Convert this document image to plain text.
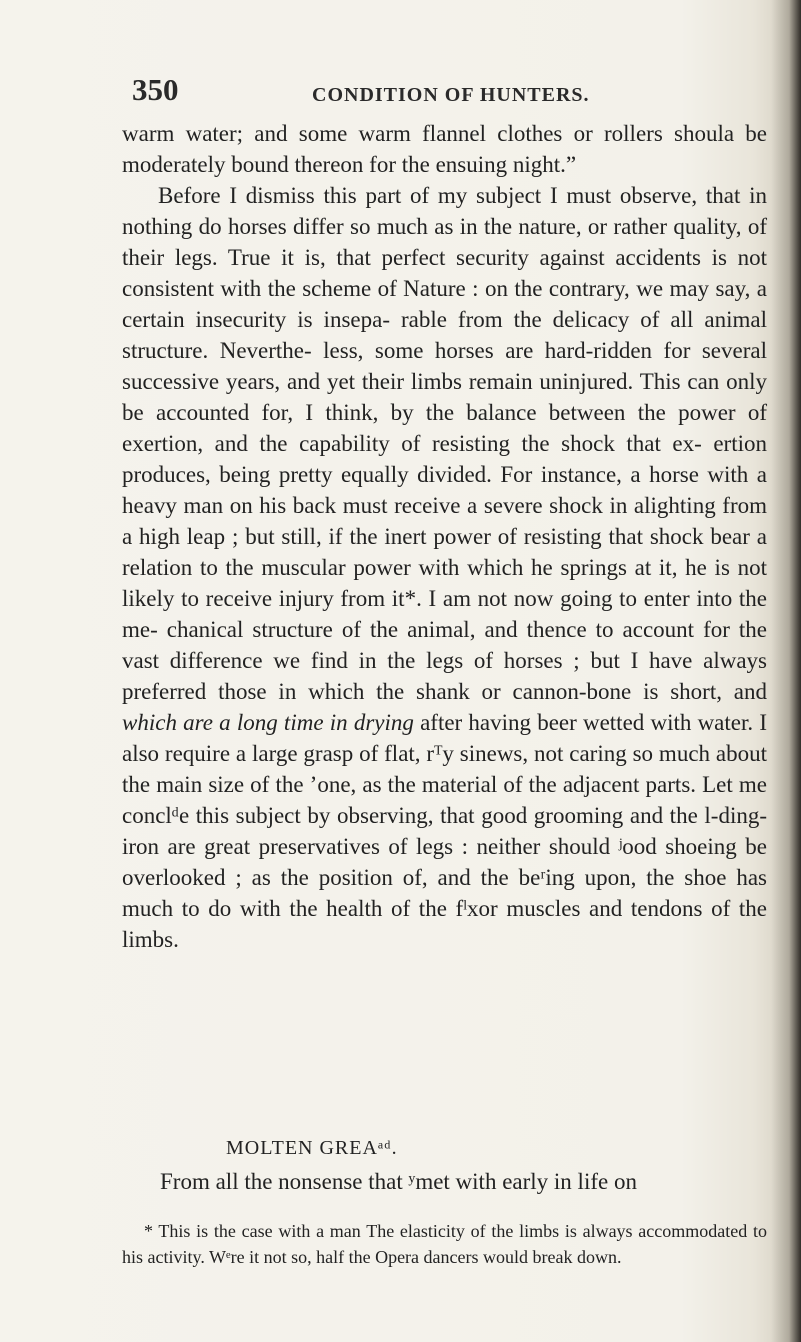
350	CONDITION OF HUNTERS.

warm water; and some warm flannel clothes or rollers shoula be moderately bound thereon for the ensuing night.”

Before I dismiss this part of my subject I must observe, that in nothing do horses differ so much as in the nature, or rather quality, of their legs. True it is, that perfect security against accidents is not consistent with the scheme of Nature : on the contrary, we may say, a certain insecurity is insepa- rable from the delicacy of all animal structure. Neverthe- less, some horses are hard-ridden for several successive years, and yet their limbs remain uninjured. This can only be accounted for, I think, by the balance between the power of exertion, and the capability of resisting the shock that ex- ertion produces, being pretty equally divided. For instance, a horse with a heavy man on his back must receive a severe shock in alighting from a high leap ; but still, if the inert power of resisting that shock bear a relation to the muscular power with which he springs at it, he is not likely to receive injury from it*. I am not now going to enter into the me- chanical structure of the animal, and thence to account for the vast difference we find in the legs of horses ; but I have always preferred those in which the shank or cannon-bone is short, and which are a long time in drying after having beer wetted with water. I also require a large grasp of flat, rᵀy sinews, not caring so much about the main size of the ʼone, as the material of the adjacent parts. Let me conclᵈe this subject by observing, that good grooming and the l‑ding-iron are great preservatives of legs : neither should ʲood shoeing be overlooked ; as the position of, and the beʳing upon, the shoe has much to do with the health of the fˡxor muscles and tendons of the limbs.

MOLTEN GREAᵃᵈ.
From all the nonsense that ʸmet with early in life on

* This is the case with a man The elasticity of the limbs is always accommodated to his activity. Wᵉre it not so, half the Opera dancers would break down.
